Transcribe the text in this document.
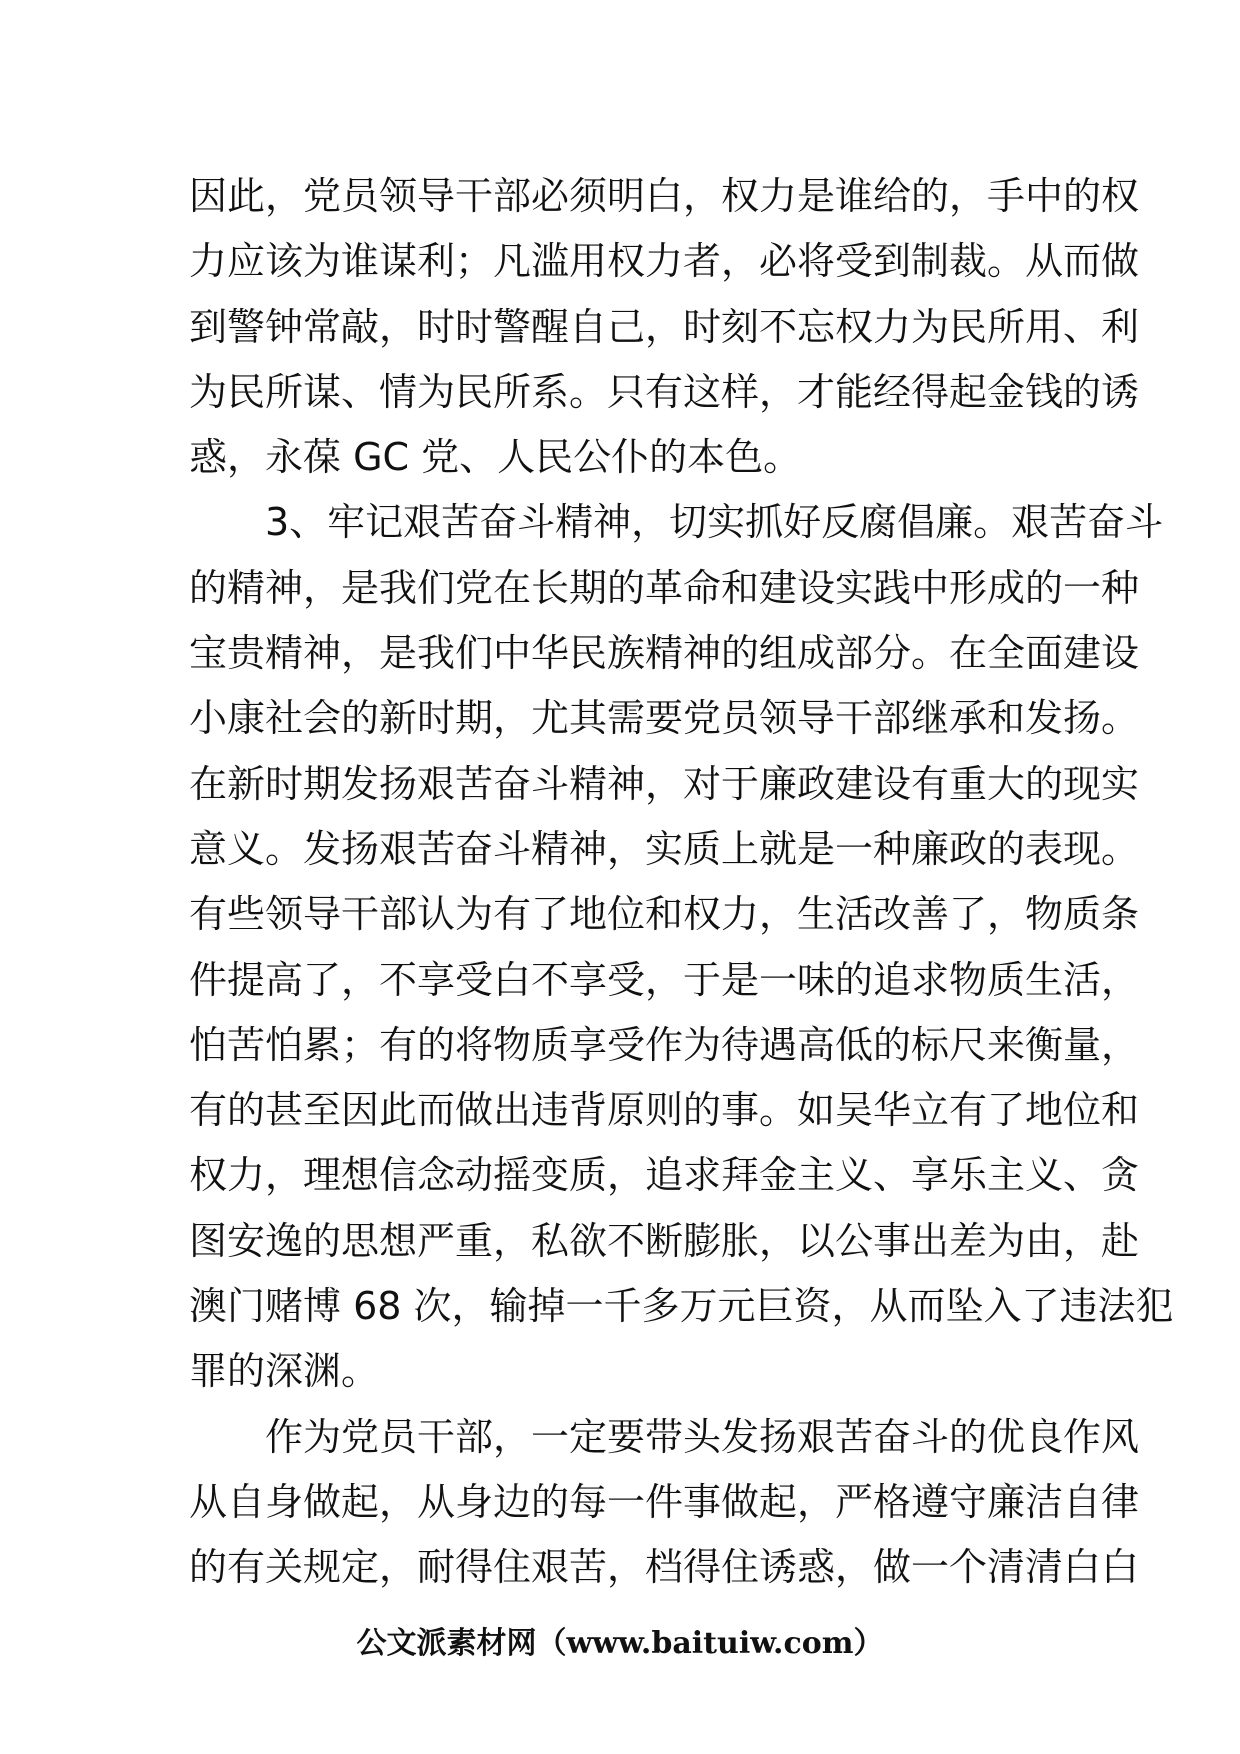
因此，党员领导干部必须明白，权力是谁给的，手中的权
力应该为谁谋利；凡滥用权力者，必将受到制裁。从而做
到警钟常敲，时时警醒自己，时刻不忘权力为民所用、利
为民所谋、情为民所系。只有这样，才能经得起金钱的诱
惑，永葆 GC 党、人民公仆的本色。
3、牢记艰苦奋斗精神，切实抓好反腐倡廉。艰苦奋斗
的精神，是我们党在长期的革命和建设实践中形成的一种
宝贵精神，是我们中华民族精神的组成部分。在全面建设
小康社会的新时期，尤其需要党员领导干部继承和发扬。
在新时期发扬艰苦奋斗精神，对于廉政建设有重大的现实
意义。发扬艰苦奋斗精神，实质上就是一种廉政的表现。
有些领导干部认为有了地位和权力，生活改善了，物质条
件提高了，不享受白不享受，于是一味的追求物质生活，
怕苦怕累；有的将物质享受作为待遇高低的标尺来衡量，
有的甚至因此而做出违背原则的事。如吴华立有了地位和
权力，理想信念动摇变质，追求拜金主义、享乐主义、贪
图安逸的思想严重，私欲不断膨胀，以公事出差为由，赴
澳门赌博 68 次，输掉一千多万元巨资，从而坠入了违法犯
罪的深渊。
作为党员干部，一定要带头发扬艰苦奋斗的优良作风
从自身做起，从身边的每一件事做起，严格遵守廉洁自律
的有关规定，耐得住艰苦，档得住诱惑，做一个清清白白
公文派素材网（www.baituiw.com）
